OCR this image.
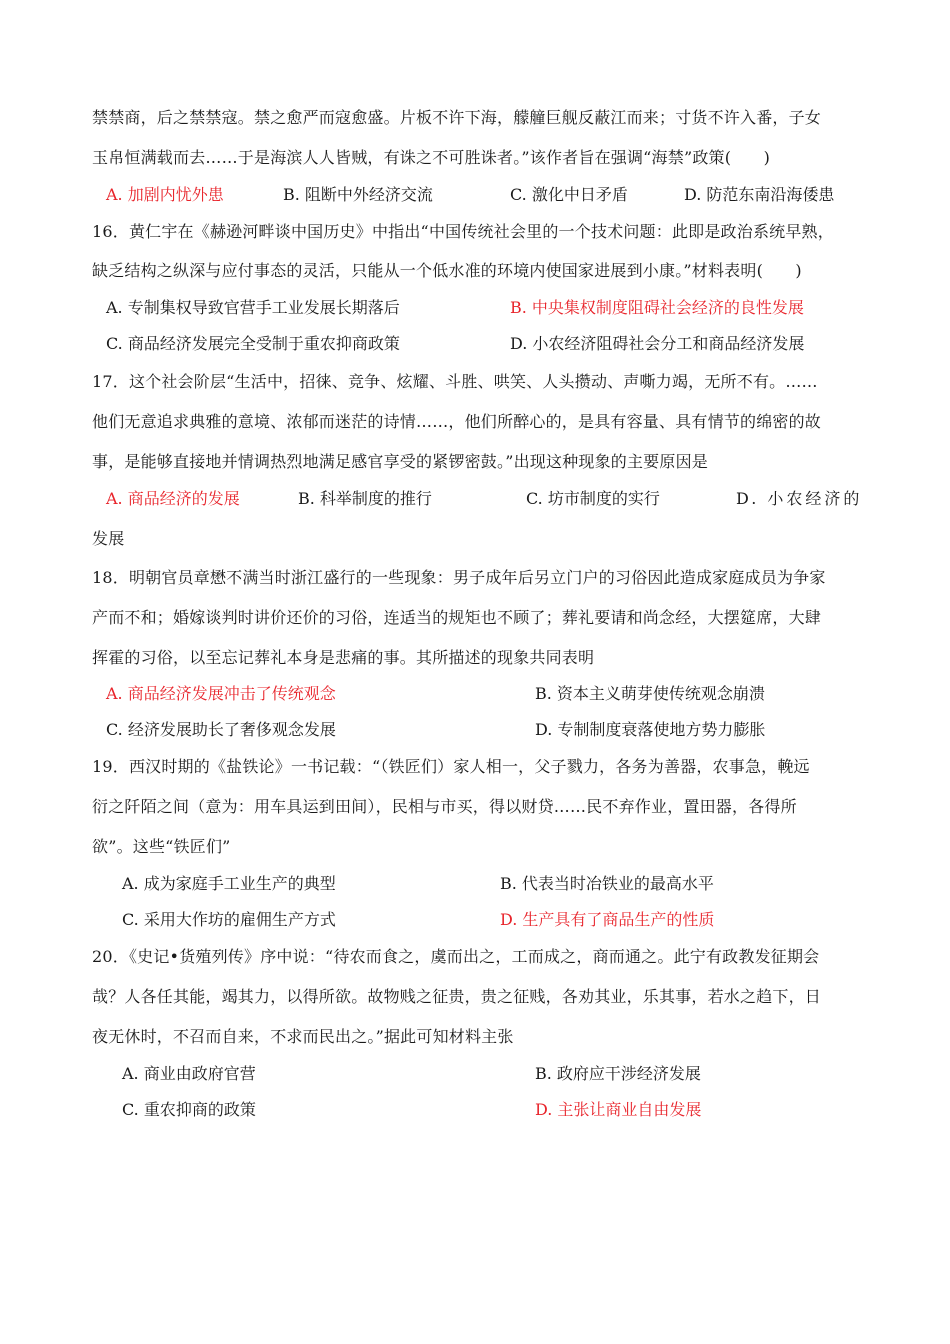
禁禁商，后之禁禁寇。禁之愈严而寇愈盛。片板不许下海，艨艟巨舰反蔽江而来；寸货不许入番，子女
玉帛恒满载而去……于是海滨人人皆贼，有诛之不可胜诛者。”该作者旨在强调“海禁”政策(　　)
A. 加剧内忧外患	B. 阻断中外经济交流	C. 激化中日矛盾	D. 防范东南沿海倭患
16．黄仁宇在《赫逊河畔谈中国历史》中指出“中国传统社会里的一个技术问题：此即是政治系统早熟，
缺乏结构之纵深与应付事态的灵活，只能从一个低水准的环境内使国家进展到小康。”材料表明(　　)
A. 专制集权导致官营手工业发展长期落后	B. 中央集权制度阻碍社会经济的良性发展
C. 商品经济发展完全受制于重农抑商政策	D. 小农经济阻碍社会分工和商品经济发展
17．这个社会阶层“生活中，招徕、竞争、炫耀、斗胜、哄笑、人头攒动、声嘶力竭，无所不有。……
他们无意追求典雅的意境、浓郁而迷茫的诗情……，他们所醉心的，是具有容量、具有情节的绵密的故
事，是能够直接地并情调热烈地满足感官享受的紧锣密鼓。”出现这种现象的主要原因是
A. 商品经济的发展	B. 科举制度的推行	C. 坊市制度的实行	D. 小农经济的
发展
18．明朝官员章懋不满当时浙江盛行的一些现象：男子成年后另立门户的习俗因此造成家庭成员为争家
产而不和；婚嫁谈判时讲价还价的习俗，连适当的规矩也不顾了；葬礼要请和尚念经，大摆筵席，大肆
挥霍的习俗，以至忘记葬礼本身是悲痛的事。其所描述的现象共同表明
A. 商品经济发展冲击了传统观念	B. 资本主义萌芽使传统观念崩溃
C. 经济发展助长了奢侈观念发展	D. 专制制度衰落使地方势力膨胀
19．西汉时期的《盐铁论》一书记载：“（铁匠们）家人相一，父子戮力，各务为善器，农事急，輓远
衍之阡陌之间（意为：用车具运到田间），民相与市买，得以财贷……民不弃作业，置田器，各得所
欲”。这些“铁匠们”
A. 成为家庭手工业生产的典型	B. 代表当时冶铁业的最高水平
C. 采用大作坊的雇佣生产方式	D. 生产具有了商品生产的性质
20．《史记•货殖列传》序中说：“待农而食之，虞而出之，工而成之，商而通之。此宁有政教发征期会
哉？人各任其能，竭其力，以得所欲。故物贱之征贵，贵之征贱，各劝其业，乐其事，若水之趋下，日
夜无休时，不召而自来，不求而民出之。”据此可知材料主张
A. 商业由政府官营	B. 政府应干涉经济发展
C. 重农抑商的政策	D. 主张让商业自由发展
